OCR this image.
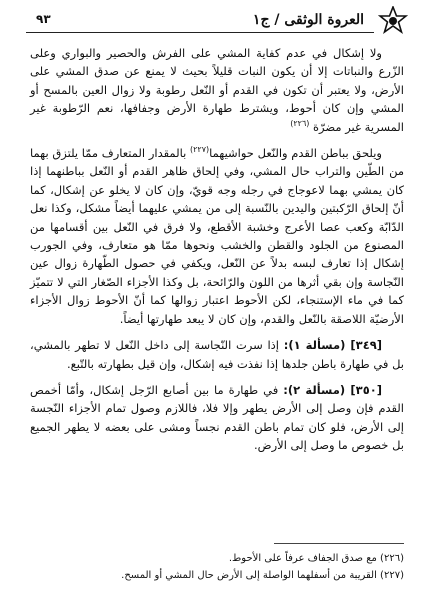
العروة الوثقى / ج١
٩٣

ولا إشكال في عدم كفاية المشي على الفرش والحصير والبواري وعلى الزّرع والنباتات إلا أن يكون النبات قليلاً بحيث لا يمنع عن صدق المشي على الأرض، ولا يعتبر أن تكون في القدم أو النّعل رطوبة ولا زوال العين بالمسح أو المشي وإن كان أحوط، ويشترط طهارة الأرض وجفافها، نعم الرّطوبة غير المسرية غير مضرّة $^{(٢٢٦)}$

ويلحق بباطن القدم والنّعل حواشيهما$^{(٢٢٧)}$ بالمقدار المتعارف ممّا يلتزق بهما من الطّين والتراب حال المشي، وفي إلحاق ظاهر القدم أو النّعل بباطنهما إذا كان يمشي بهما لاعوجاج في رجله وجه قويّ، وإن كان لا يخلو عن إشكال، كما أنّ إلحاق الرّكبتين واليدين بالنّسبة إلى من يمشي عليهما أيضاً مشكل، وكذا نعل الدّابّة وكعب عصا الأعرج وخشبة الأقطع، ولا فرق في النّعل بين أقسامها من المصنوع من الجلود والقطن والخشب ونحوها ممّا هو متعارف، وفي الجورب إشكال إذا تعارف لبسه بدلاً عن النّعل، ويكفي في حصول الطّهارة زوال عين النّجاسة وإن بقي أثرها من اللون والرّائحة، بل وكذا الأجزاء الصّغار التي لا تتميّز كما في ماء الإستنجاء، لكن الأحوط اعتبار زوالها كما أنّ الأحوط زوال الأجزاء الأرضيّة اللاصقة بالنّعل والقدم، وإن كان لا يبعد طهارتها أيضاً.

[٣٤٩] (مسألة ١): إذا سرت النّجاسة إلى داخل النّعل لا تطهر بالمشي، بل في طهارة باطن جلدها إذا نفذت فيه إشكال، وإن قيل بطهارته بالتّبع.

[٣٥٠] (مسألة ٢): في طهارة ما بين أصابع الرّجل إشكال، وأمّا أخمص القدم فإن وصل إلى الأرض يطهر وإلا فلا، فاللازم وصول تمام الأجزاء النّجسة إلى الأرض، فلو كان تمام باطن القدم نجساً ومشى على بعضه لا يطهر الجميع بل خصوص ما وصل إلى الأرض.

(٢٢٦) مع صدق الجفاف عرفاً على الأحوط.
(٢٢٧) القريبة من أسفلهما الواصلة إلى الأرض حال المشي أو المسح.
